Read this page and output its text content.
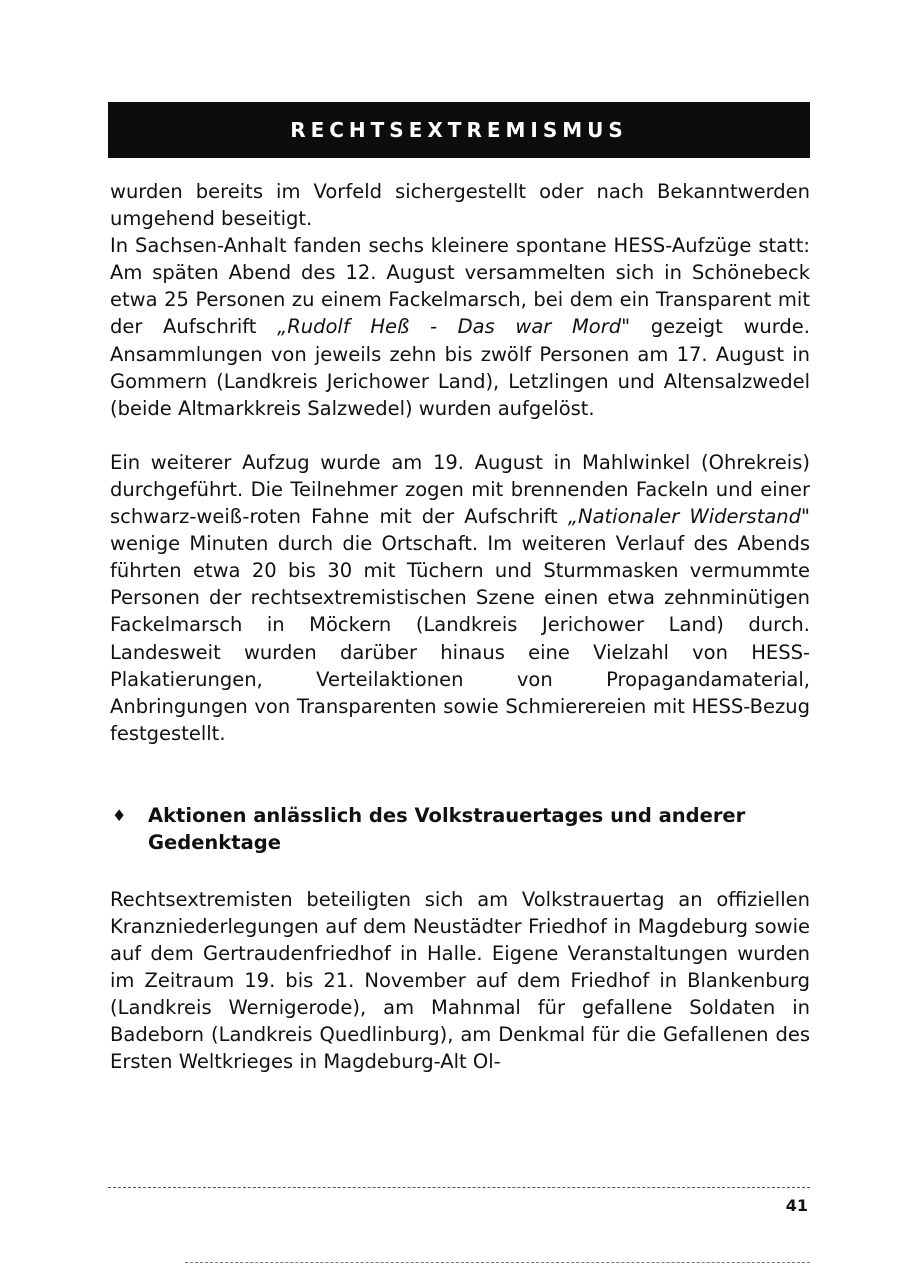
RECHTSEXTREMISMUS

wurden bereits im Vorfeld sichergestellt oder nach Bekanntwerden umgehend beseitigt.

In Sachsen-Anhalt fanden sechs kleinere spontane HESS-Aufzüge statt: Am späten Abend des 12. August versammelten sich in Schönebeck etwa 25 Personen zu einem Fackelmarsch, bei dem ein Transparent mit der Aufschrift „Rudolf Heß - Das war Mord" gezeigt wurde. Ansammlungen von jeweils zehn bis zwölf Personen am 17. August in Gommern (Landkreis Jerichower Land), Letzlingen und Altensalzwedel (beide Altmarkkreis Salzwedel) wurden aufgelöst.

Ein weiterer Aufzug wurde am 19. August in Mahlwinkel (Ohrekreis) durchgeführt. Die Teilnehmer zogen mit brennenden Fackeln und einer schwarz-weiß-roten Fahne mit der Aufschrift „Nationaler Widerstand" wenige Minuten durch die Ortschaft. Im weiteren Verlauf des Abends führten etwa 20 bis 30 mit Tüchern und Sturmmasken vermummte Personen der rechtsextremistischen Szene einen etwa zehnminütigen Fackelmarsch in Möckern (Landkreis Jerichower Land) durch. Landesweit wurden darüber hinaus eine Vielzahl von HESS-Plakatierungen, Verteilaktionen von Propagandamaterial, Anbringungen von Transparenten sowie Schmierereien mit HESS-Bezug festgestellt.

♦ Aktionen anlässlich des Volkstrauertages und anderer Gedenktage

Rechtsextremisten beteiligten sich am Volkstrauertag an offiziellen Kranzniederlegungen auf dem Neustädter Friedhof in Magdeburg sowie auf dem Gertraudenfriedhof in Halle. Eigene Veranstaltungen wurden im Zeitraum 19. bis 21. November auf dem Friedhof in Blankenburg (Landkreis Wernigerode), am Mahnmal für gefallene Soldaten in Badeborn (Landkreis Quedlinburg), am Denkmal für die Gefallenen des Ersten Weltkrieges in Magdeburg-Alt Ol-

41
